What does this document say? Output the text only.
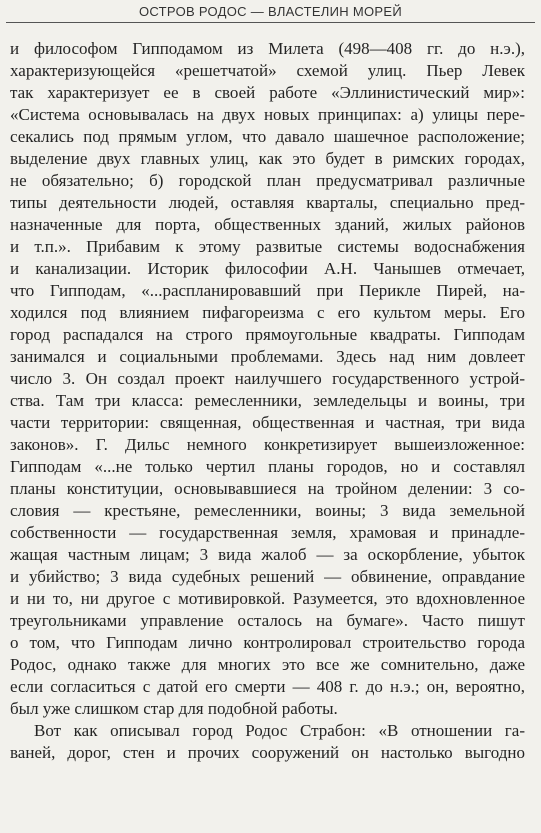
ОСТРОВ РОДОС — ВЛАСТЕЛИН МОРЕЙ
и философом Гипподамом из Милета (498—408 гг. до н.э.),
характеризующейся «решетчатой» схемой улиц. Пьер Левек
так характеризует ее в своей работе «Эллинистический мир»:
«Система основывалась на двух новых принципах: а) улицы пере-
секались под прямым углом, что давало шашечное расположение;
выделение двух главных улиц, как это будет в римских городах,
не обязательно; б) городской план предусматривал различные
типы деятельности людей, оставляя кварталы, специально пред-
назначенные для порта, общественных зданий, жилых районов
и т.п.». Прибавим к этому развитые системы водоснабжения
и канализации. Историк философии А.Н. Чанышев отмечает,
что Гипподам, «...распланировавший при Перикле Пирей, на-
ходился под влиянием пифагореизма с его культом меры. Его
город распадался на строго прямоугольные квадраты. Гипподам
занимался и социальными проблемами. Здесь над ним довлеет
число 3. Он создал проект наилучшего государственного устрой-
ства. Там три класса: ремесленники, земледельцы и воины, три
части территории: священная, общественная и частная, три вида
законов». Г. Дильс немного конкретизирует вышеизложенное:
Гипподам «...не только чертил планы городов, но и составлял
планы конституции, основывавшиеся на тройном делении: 3 со-
словия — крестьяне, ремесленники, воины; 3 вида земельной
собственности — государственная земля, храмовая и принадле-
жащая частным лицам; 3 вида жалоб — за оскорбление, убыток
и убийство; 3 вида судебных решений — обвинение, оправдание
и ни то, ни другое с мотивировкой. Разумеется, это вдохновленное
треугольниками управление осталось на бумаге». Часто пишут
о том, что Гипподам лично контролировал строительство города
Родос, однако также для многих это все же сомнительно, даже
если согласиться с датой его смерти — 408 г. до н.э.; он, вероятно,
был уже слишком стар для подобной работы.
Вот как описывал город Родос Страбон: «В отношении га-
ваней, дорог, стен и прочих сооружений он настолько выгодно
